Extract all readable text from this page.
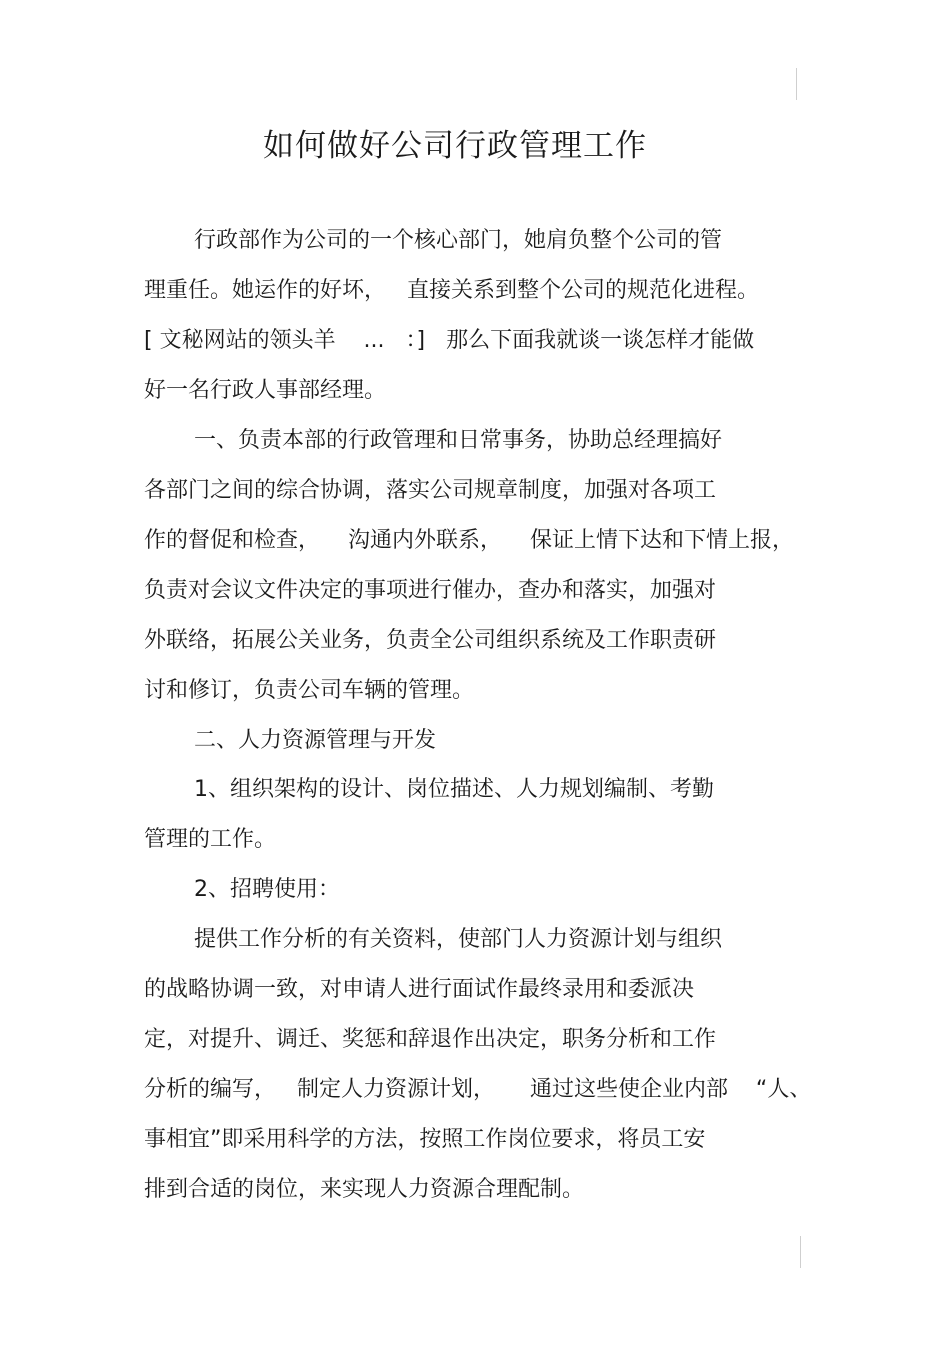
如何做好公司行政管理工作

行政部作为公司的一个核心部门，她肩负整个公司的管

理重任。她运作的好坏，   直接关系到整个公司的规范化进程。

[ 文秘网站的领头羊    ...   ：]   那么下面我就谈一谈怎样才能做

好一名行政人事部经理。

一、负责本部的行政管理和日常事务，协助总经理搞好

各部门之间的综合协调，落实公司规章制度，加强对各项工

作的督促和检查，    沟通内外联系，    保证上情下达和下情上报，

负责对会议文件决定的事项进行催办，查办和落实，加强对

外联络，拓展公关业务，负责全公司组织系统及工作职责研

讨和修订，负责公司车辆的管理。

二、人力资源管理与开发

1、组织架构的设计、岗位描述、人力规划编制、考勤

管理的工作。

2、招聘使用：

提供工作分析的有关资料，使部门人力资源计划与组织

的战略协调一致，对申请人进行面试作最终录用和委派决

定，对提升、调迁、奖惩和辞退作出决定，职务分析和工作

分析的编写，   制定人力资源计划，     通过这些使企业内部    “人、

事相宜”即采用科学的方法，按照工作岗位要求，将员工安

排到合适的岗位，来实现人力资源合理配制。
